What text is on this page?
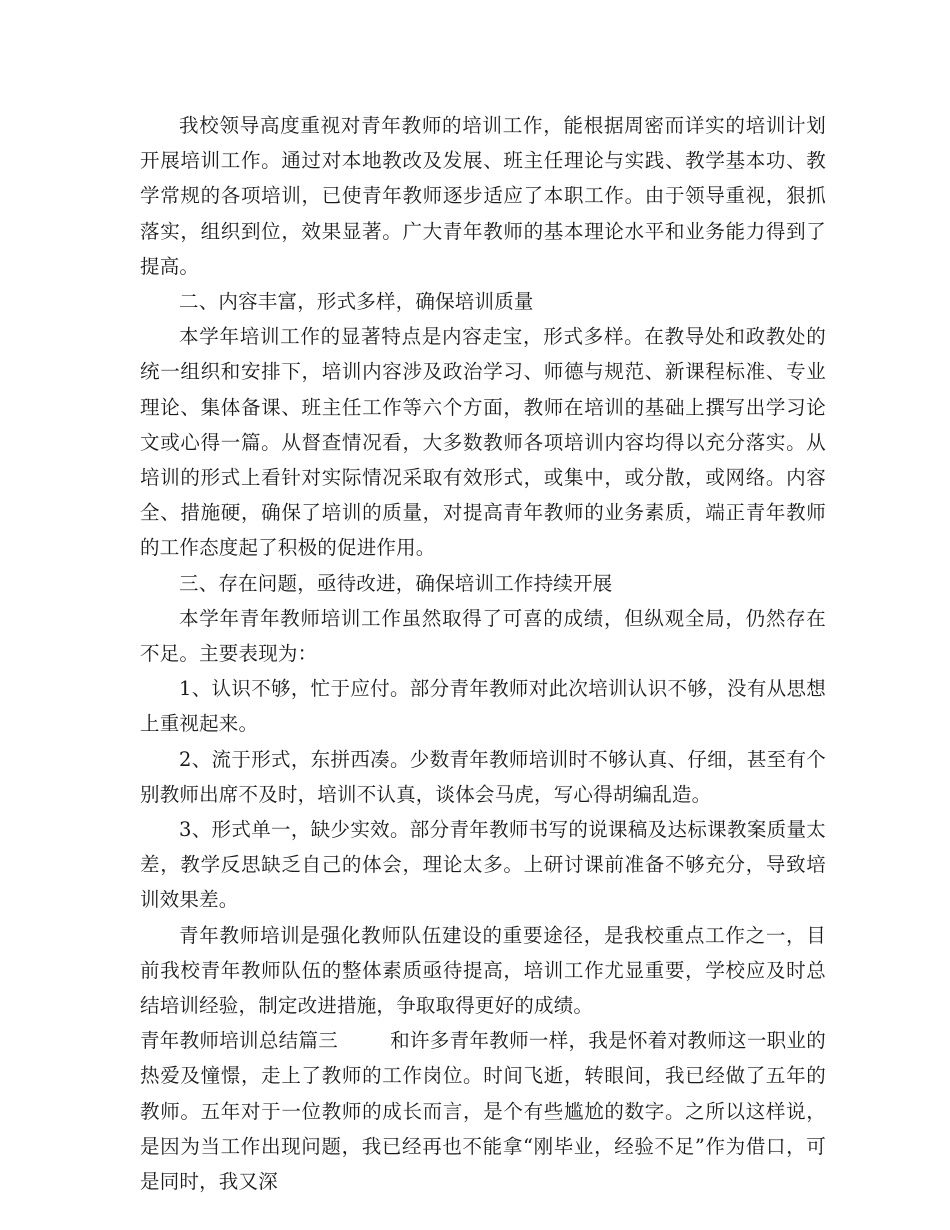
我校领导高度重视对青年教师的培训工作，能根据周密而详实的培训计划开展培训工作。通过对本地教改及发展、班主任理论与实践、教学基本功、教学常规的各项培训，已使青年教师逐步适应了本职工作。由于领导重视，狠抓落实，组织到位，效果显著。广大青年教师的基本理论水平和业务能力得到了提高。

二、内容丰富，形式多样，确保培训质量

本学年培训工作的显著特点是内容走宝，形式多样。在教导处和政教处的统一组织和安排下，培训内容涉及政治学习、师德与规范、新课程标准、专业理论、集体备课、班主任工作等六个方面，教师在培训的基础上撰写出学习论文或心得一篇。从督查情况看，大多数教师各项培训内容均得以充分落实。从培训的形式上看针对实际情况采取有效形式，或集中，或分散，或网络。内容全、措施硬，确保了培训的质量，对提高青年教师的业务素质，端正青年教师的工作态度起了积极的促进作用。

三、存在问题，亟待改进，确保培训工作持续开展

本学年青年教师培训工作虽然取得了可喜的成绩，但纵观全局，仍然存在不足。主要表现为：

1、认识不够，忙于应付。部分青年教师对此次培训认识不够，没有从思想上重视起来。

2、流于形式，东拼西凑。少数青年教师培训时不够认真、仔细，甚至有个别教师出席不及时，培训不认真，谈体会马虎，写心得胡编乱造。

3、形式单一，缺少实效。部分青年教师书写的说课稿及达标课教案质量太差，教学反思缺乏自己的体会，理论太多。上研讨课前准备不够充分，导致培训效果差。

青年教师培训是强化教师队伍建设的重要途径，是我校重点工作之一，目前我校青年教师队伍的整体素质亟待提高，培训工作尤显重要，学校应及时总结培训经验，制定改进措施，争取取得更好的成绩。

青年教师培训总结篇三	和许多青年教师一样，我是怀着对教师这一职业的热爱及憧憬，走上了教师的工作岗位。时间飞逝，转眼间，我已经做了五年的教师。五年对于一位教师的成长而言，是个有些尴尬的数字。之所以这样说，是因为当工作出现问题，我已经再也不能拿“刚毕业，经验不足”作为借口，可是同时，我又深
